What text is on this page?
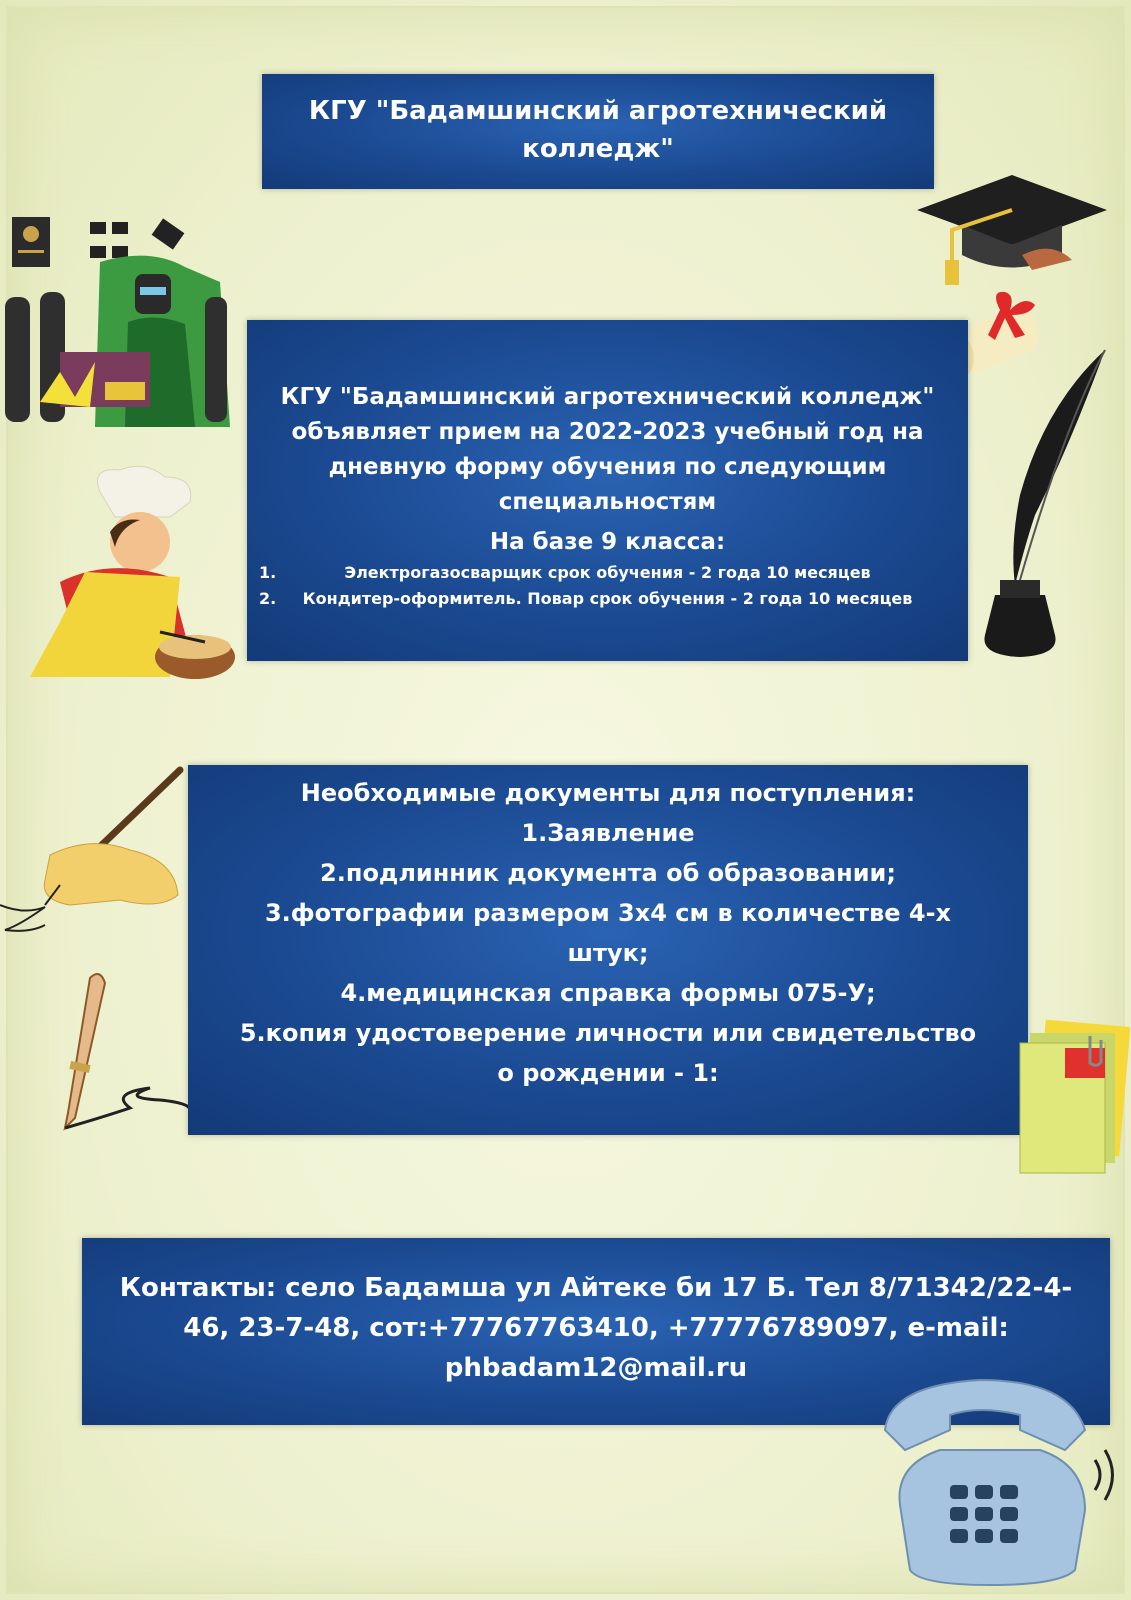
КГУ "Бадамшинский агротехнический колледж"
КГУ "Бадамшинский агротехнический колледж" объявляет прием на 2022-2023 учебный год на дневную форму обучения по следующим специальностям
На базе 9 класса:
1.	Электрогазосварщик срок обучения - 2 года 10 месяцев
2. Кондитер-оформитель. Повар срок обучения - 2 года 10 месяцев
Необходимые документы для поступления:
1.Заявление
2.подлинник документа об образовании;
3.фотографии размером 3х4 см в количестве 4-х штук;
4.медицинская справка формы 075-У;
5.копия удостоверение личности или свидетельство о рождении - 1:
Контакты: село Бадамша ул Айтеке би 17 Б. Тел 8/71342/22-4-46, 23-7-48, сот:+77767763410, +77776789097, e-mail: phbadam12@mail.ru
